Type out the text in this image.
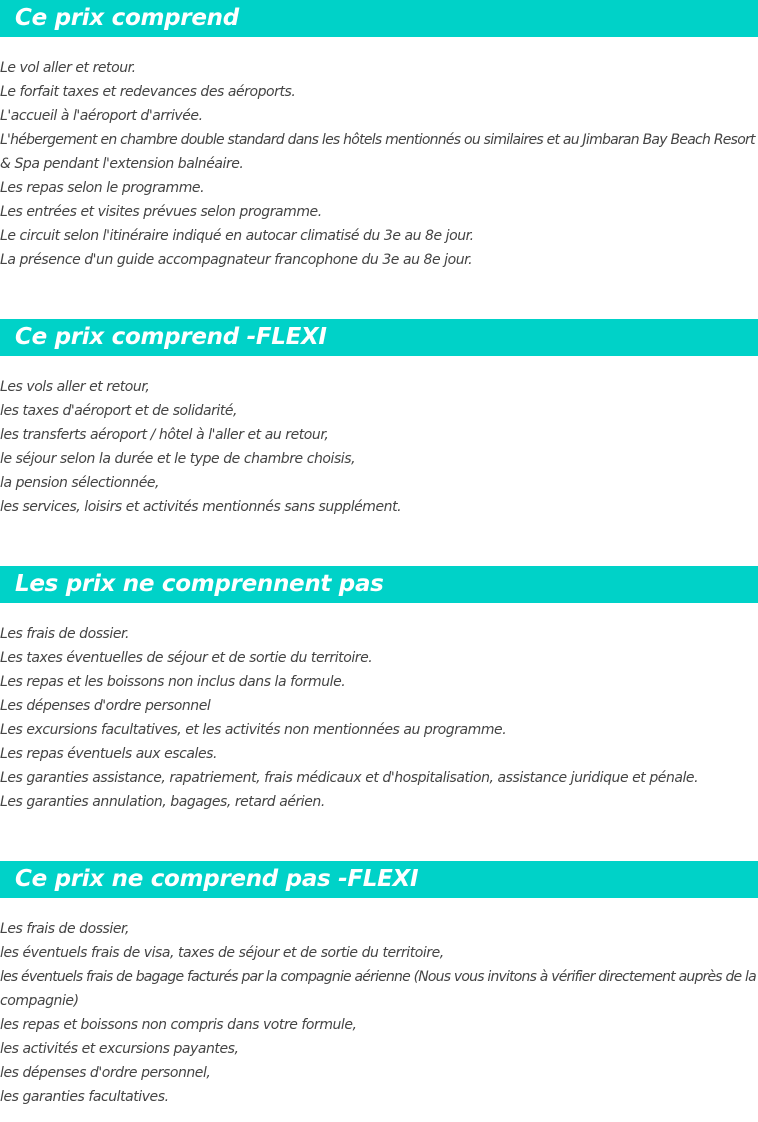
Ce prix comprend
Le vol aller et retour.
Le forfait taxes et redevances des aéroports.
L'accueil à l'aéroport d'arrivée.
L'hébergement en chambre double standard dans les hôtels mentionnés ou similaires et au Jimbaran Bay Beach Resort
& Spa pendant l'extension balnéaire.
Les repas selon le programme.
Les entrées et visites prévues selon programme.
Le circuit selon l'itinéraire indiqué en autocar climatisé du 3e au 8e jour.
La présence d'un guide accompagnateur francophone du 3e au 8e jour.
Ce prix comprend -FLEXI
Les vols aller et retour,
les taxes d'aéroport et de solidarité,
les transferts aéroport / hôtel à l'aller et au retour,
le séjour selon la durée et le type de chambre choisis,
la pension sélectionnée,
les services, loisirs et activités mentionnés sans supplément.
Les prix ne comprennent pas
Les frais de dossier.
Les taxes éventuelles de séjour et de sortie du territoire.
Les repas et les boissons non inclus dans la formule.
Les dépenses d'ordre personnel
Les excursions facultatives, et les activités non mentionnées au programme.
Les repas éventuels aux escales.
Les garanties assistance, rapatriement, frais médicaux et d'hospitalisation, assistance juridique et pénale.
Les garanties annulation, bagages, retard aérien.
Ce prix ne comprend pas -FLEXI
Les frais de dossier,
les éventuels frais de visa, taxes de séjour et de sortie du territoire,
les éventuels frais de bagage facturés par la compagnie aérienne (Nous vous invitons à vérifier directement auprès de la
compagnie)
les repas et boissons non compris dans votre formule,
les activités et excursions payantes,
les dépenses d'ordre personnel,
les garanties facultatives.
